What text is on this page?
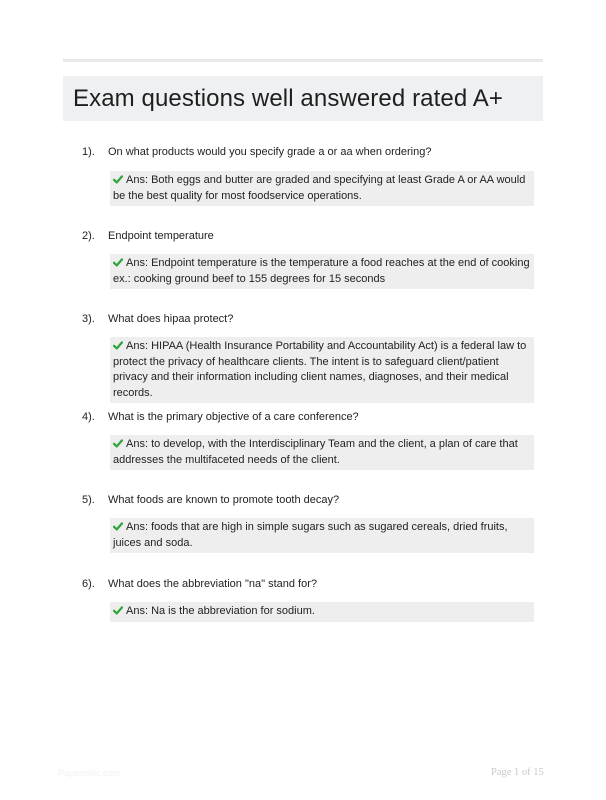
Exam questions well answered rated A+
1). On what products would you specify grade a or aa when ordering?
Ans: Both eggs and butter are graded and specifying at least Grade A or AA would be the best quality for most foodservice operations.
2). Endpoint temperature
Ans: Endpoint temperature is the temperature a food reaches at the end of cooking ex.: cooking ground beef to 155 degrees for 15 seconds
3). What does hipaa protect?
Ans: HIPAA (Health Insurance Portability and Accountability Act) is a federal law to protect the privacy of healthcare clients. The intent is to safeguard client/patient privacy and their information including client names, diagnoses, and their medical records.
4). What is the primary objective of a care conference?
Ans: to develop, with the Interdisciplinary Team and the client, a plan of care that addresses the multifaceted needs of the client.
5). What foods are known to promote tooth decay?
Ans: foods that are high in simple sugars such as sugared cereals, dried fruits, juices and soda.
6). What does the abbreviation "na" stand for?
Ans: Na is the abbreviation for sodium.
Paperbibic.com	Page 1 of 15
